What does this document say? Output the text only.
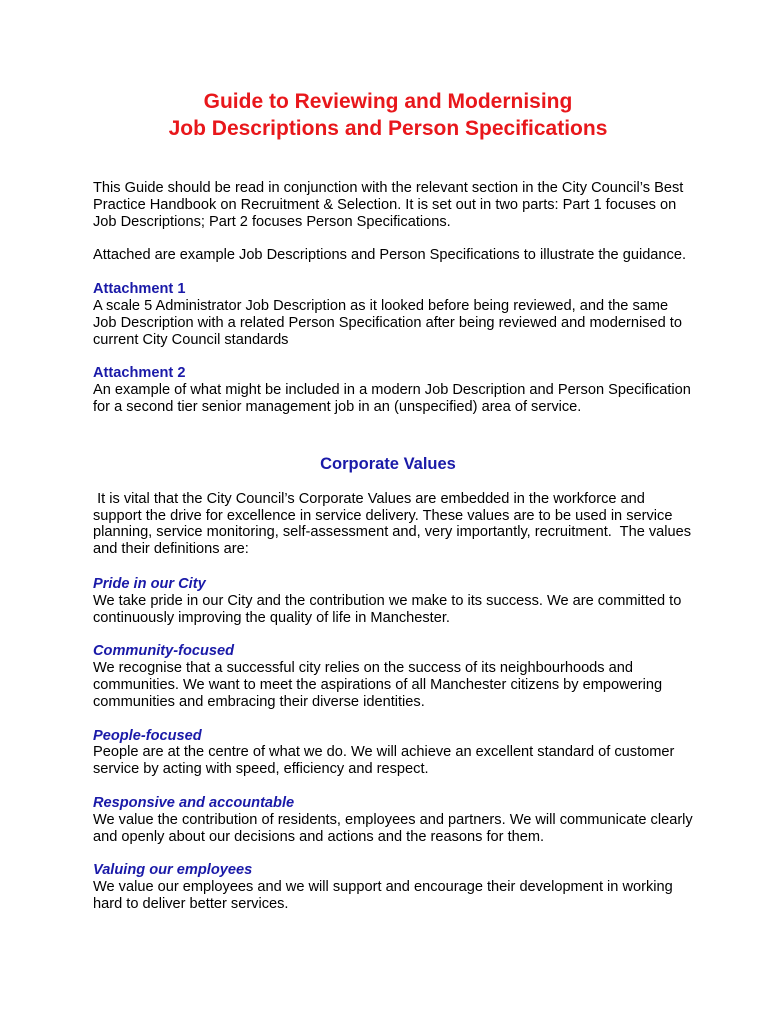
Guide to Reviewing and Modernising
Job Descriptions and Person Specifications

This Guide should be read in conjunction with the relevant section in the City Council’s Best Practice Handbook on Recruitment & Selection. It is set out in two parts: Part 1 focuses on Job Descriptions; Part 2 focuses Person Specifications.

Attached are example Job Descriptions and Person Specifications to illustrate the guidance.

Attachment 1

A scale 5 Administrator Job Description as it looked before being reviewed, and the same Job Description with a related Person Specification after being reviewed and modernised to current City Council standards

Attachment 2

An example of what might be included in a modern Job Description and Person Specification for a second tier senior management job in an (unspecified) area of service.

Corporate Values

It is vital that the City Council’s Corporate Values are embedded in the workforce and support the drive for excellence in service delivery. These values are to be used in service planning, service monitoring, self-assessment and, very importantly, recruitment.  The values and their definitions are:

Pride in our City

We take pride in our City and the contribution we make to its success. We are committed to continuously improving the quality of life in Manchester.

Community-focused

We recognise that a successful city relies on the success of its neighbourhoods and communities. We want to meet the aspirations of all Manchester citizens by empowering communities and embracing their diverse identities.

People-focused

People are at the centre of what we do. We will achieve an excellent standard of customer service by acting with speed, efficiency and respect.

Responsive and accountable

We value the contribution of residents, employees and partners. We will communicate clearly and openly about our decisions and actions and the reasons for them.

Valuing our employees

We value our employees and we will support and encourage their development in working hard to deliver better services.
